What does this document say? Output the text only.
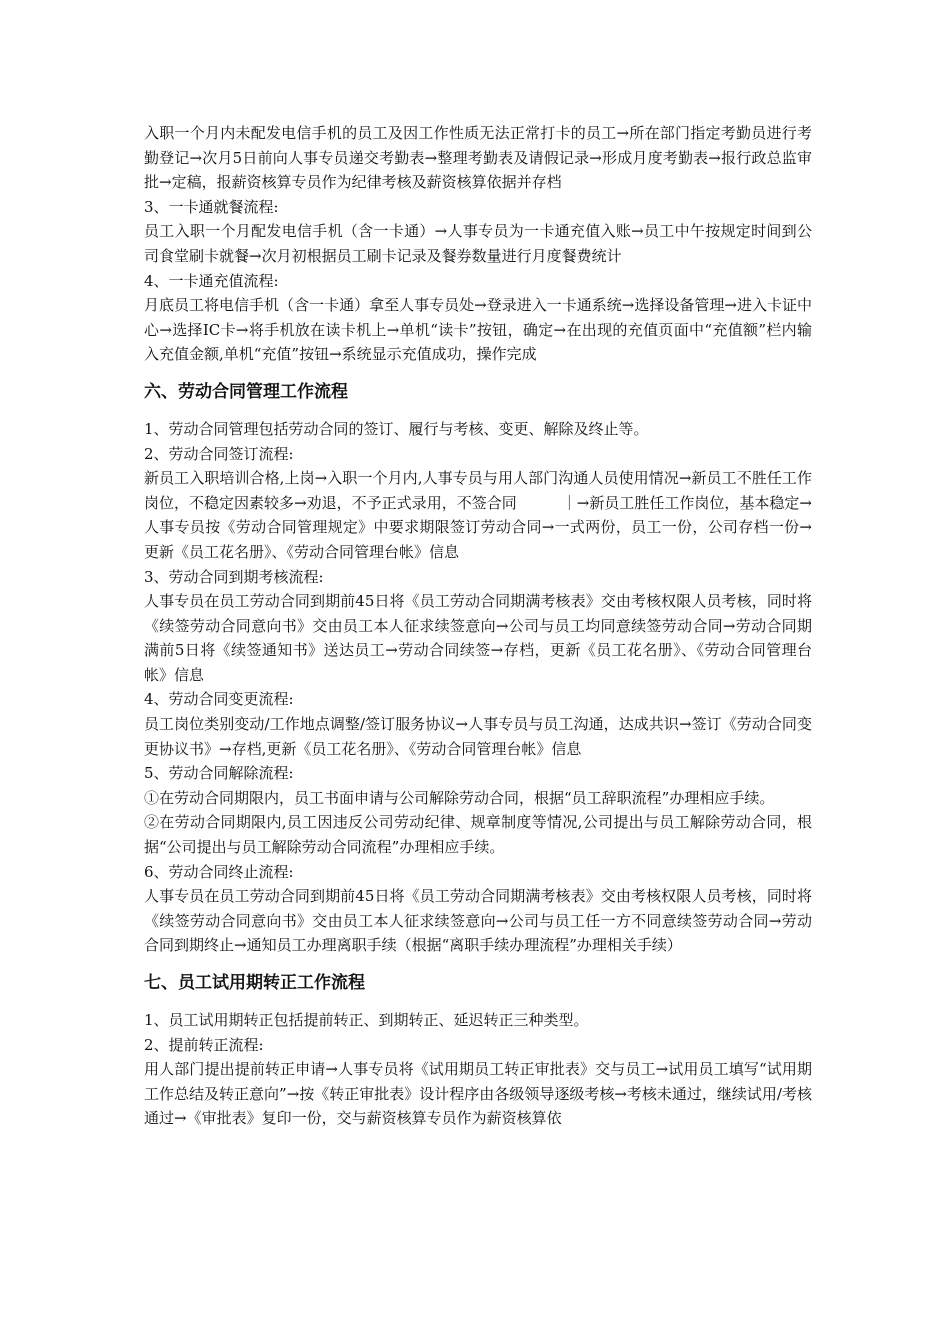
入职一个月内未配发电信手机的员工及因工作性质无法正常打卡的员工→所在部门指定考勤员进行考勤登记→次月5日前向人事专员递交考勤表→整理考勤表及请假记录→形成月度考勤表→报行政总监审批→定稿，报薪资核算专员作为纪律考核及薪资核算依据并存档

3、一卡通就餐流程:

员工入职一个月配发电信手机（含一卡通）→人事专员为一卡通充值入账→员工中午按规定时间到公司食堂刷卡就餐→次月初根据员工刷卡记录及餐券数量进行月度餐费统计

4、一卡通充值流程:

月底员工将电信手机（含一卡通）拿至人事专员处→登录进入一卡通系统→选择设备管理→进入卡证中心→选择IC卡→将手机放在读卡机上→单机“读卡”按钮，确定→在出现的充值页面中“充值额”栏内输入充值金额,单机“充值”按钮→系统显示充值成功，操作完成

六、劳动合同管理工作流程

1、劳动合同管理包括劳动合同的签订、履行与考核、变更、解除及终止等。

2、劳动合同签订流程:

新员工入职培训合格,上岗→入职一个月内,人事专员与用人部门沟通人员使用情况→新员工不胜任工作岗位，不稳定因素较多→劝退，不予正式录用，不签合同　　　｜→新员工胜任工作岗位，基本稳定→人事专员按《劳动合同管理规定》中要求期限签订劳动合同→一式两份，员工一份，公司存档一份→更新《员工花名册》、《劳动合同管理台帐》信息

3、劳动合同到期考核流程:

人事专员在员工劳动合同到期前45日将《员工劳动合同期满考核表》交由考核权限人员考核，同时将《续签劳动合同意向书》交由员工本人征求续签意向→公司与员工均同意续签劳动合同→劳动合同期满前5日将《续签通知书》送达员工→劳动合同续签→存档，更新《员工花名册》、《劳动合同管理台帐》信息

4、劳动合同变更流程:

员工岗位类别变动/工作地点调整/签订服务协议→人事专员与员工沟通，达成共识→签订《劳动合同变更协议书》→存档,更新《员工花名册》、《劳动合同管理台帐》信息

5、劳动合同解除流程:

①在劳动合同期限内，员工书面申请与公司解除劳动合同，根据“员工辞职流程”办理相应手续。

②在劳动合同期限内,员工因违反公司劳动纪律、规章制度等情况,公司提出与员工解除劳动合同，根据“公司提出与员工解除劳动合同流程”办理相应手续。

6、劳动合同终止流程:

人事专员在员工劳动合同到期前45日将《员工劳动合同期满考核表》交由考核权限人员考核，同时将《续签劳动合同意向书》交由员工本人征求续签意向→公司与员工任一方不同意续签劳动合同→劳动合同到期终止→通知员工办理离职手续（根据“离职手续办理流程”办理相关手续）

七、员工试用期转正工作流程

1、员工试用期转正包括提前转正、到期转正、延迟转正三种类型。

2、提前转正流程:

用人部门提出提前转正申请→人事专员将《试用期员工转正审批表》交与员工→试用员工填写“试用期工作总结及转正意向”→按《转正审批表》设计程序由各级领导逐级考核→考核未通过，继续试用/考核通过→《审批表》复印一份，交与薪资核算专员作为薪资核算依
